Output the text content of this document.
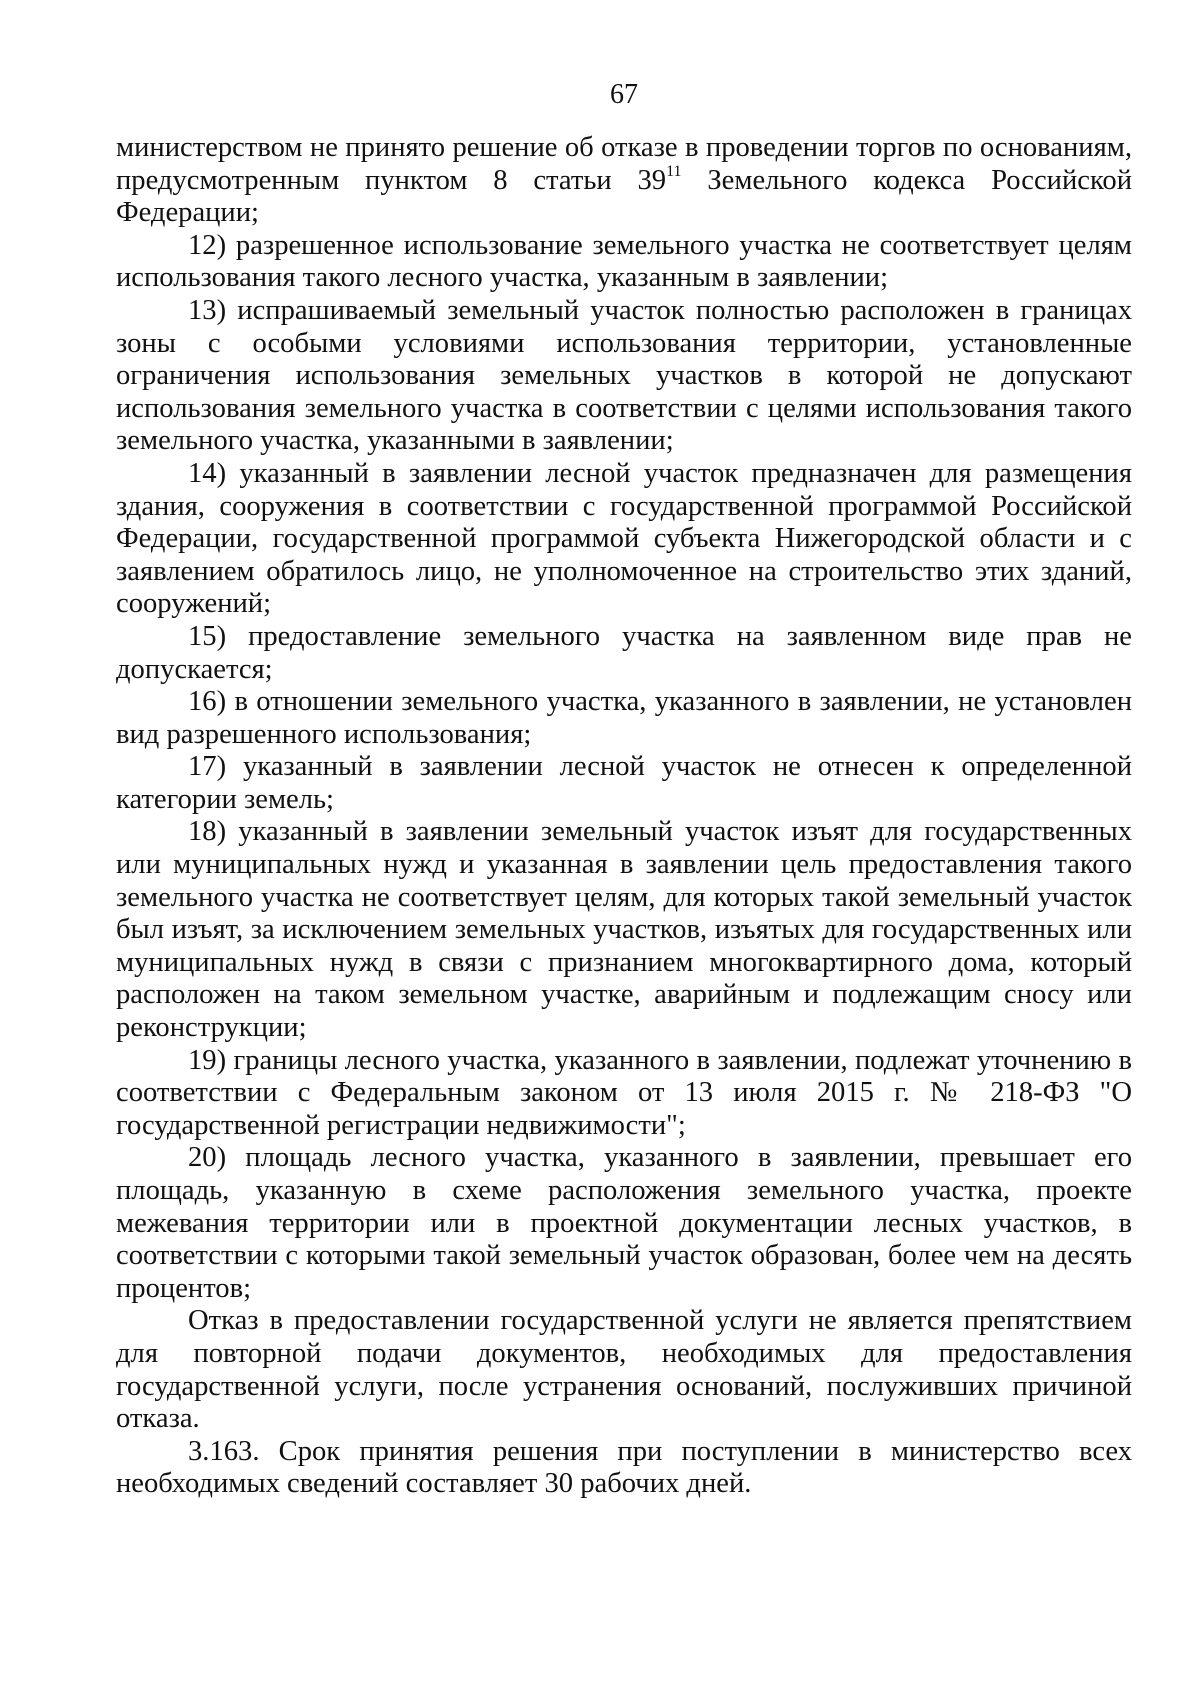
67

министерством не принято решение об отказе в проведении торгов по основаниям, предусмотренным пунктом 8 статьи $39^{11}$ Земельного кодекса Российской Федерации;

12) разрешенное использование земельного участка не соответствует целям использования такого лесного участка, указанным в заявлении;

13) испрашиваемый земельный участок полностью расположен в границах зоны с особыми условиями использования территории, установленные ограничения использования земельных участков в которой не допускают использования земельного участка в соответствии с целями использования такого земельного участка, указанными в заявлении;

14) указанный в заявлении лесной участок предназначен для размещения здания, сооружения в соответствии с государственной программой Российской Федерации, государственной программой субъекта Нижегородской области и с заявлением обратилось лицо, не уполномоченное на строительство этих зданий, сооружений;

15) предоставление земельного участка на заявленном виде прав не допускается;

16) в отношении земельного участка, указанного в заявлении, не установлен вид разрешенного использования;

17) указанный в заявлении лесной участок не отнесен к определенной категории земель;

18) указанный в заявлении земельный участок изъят для государственных или муниципальных нужд и указанная в заявлении цель предоставления такого земельного участка не соответствует целям, для которых такой земельный участок был изъят, за исключением земельных участков, изъятых для государственных или муниципальных нужд в связи с признанием многоквартирного дома, который расположен на таком земельном участке, аварийным и подлежащим сносу или реконструкции;

19) границы лесного участка, указанного в заявлении, подлежат уточнению в соответствии с Федеральным законом от 13 июля 2015 г. № 218-ФЗ "О государственной регистрации недвижимости";

20) площадь лесного участка, указанного в заявлении, превышает его площадь, указанную в схеме расположения земельного участка, проекте межевания территории или в проектной документации лесных участков, в соответствии с которыми такой земельный участок образован, более чем на десять процентов;

Отказ в предоставлении государственной услуги не является препятствием для повторной подачи документов, необходимых для предоставления государственной услуги, после устранения оснований, послуживших причиной отказа.

3.163. Срок принятия решения при поступлении в министерство всех необходимых сведений составляет 30 рабочих дней.
